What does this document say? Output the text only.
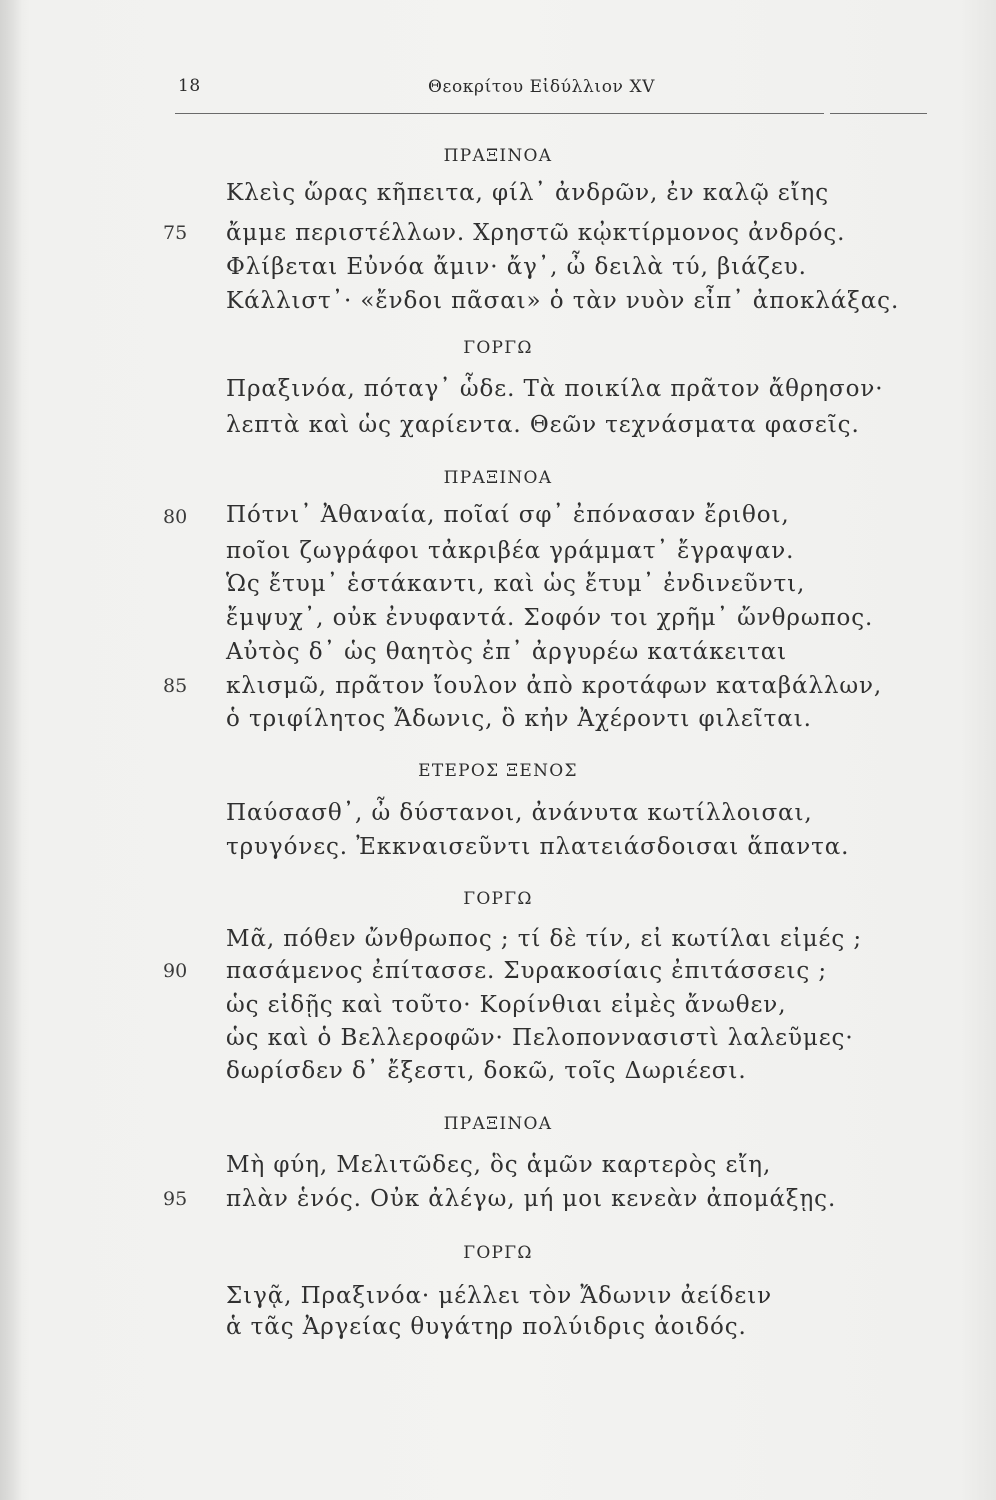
18	Θεοκρίτου Εἰδύλλιον XV
ΠΡΑΞΙΝΟΑ
ΓΟΡΓΩ
ΠΡΑΞΙΝΟΑ
ΕΤΕΡΟΣ ΞΕΝΟΣ
ΓΟΡΓΩ
ΠΡΑΞΙΝΟΑ
ΓΟΡΓΩ
Κλεὶς ὥρας κῆπειτα, φίλ᾽ ἀνδρῶν, ἐν καλῷ εἴης
ἄμμε περιστέλλων. Χρηστῶ κᾠκτίρμονος ἀνδρός.
Φλίβεται Εὐνόα ἄμιν· ἄγ᾽, ὦ δειλὰ τύ, βιάζευ.
Κάλλιστ᾽· «ἔνδοι πᾶσαι» ὁ τὰν νυὸν εἶπ᾽ ἀποκλάξας.
Πραξινόα, πόταγ᾽ ὧδε. Τὰ ποικίλα πρᾶτον ἄθρησον·
λεπτὰ καὶ ὡς χαρίεντα. Θεῶν τεχνάσματα φασεῖς.
Πότνι᾽ Ἀθαναία, ποῖαί σφ᾽ ἐπόνασαν ἔριθοι,
ποῖοι ζωγράφοι τἀκριβέα γράμματ᾽ ἔγραψαν.
Ὡς ἔτυμ᾽ ἑστάκαντι, καὶ ὡς ἔτυμ᾽ ἐνδινεῦντι,
ἔμψυχ᾽, οὐκ ἐνυφαντά. Σοφόν τοι χρῆμ᾽ ὤνθρωπος.
Αὐτὸς δ᾽ ὡς θαητὸς ἐπ᾽ ἀργυρέω κατάκειται
κλισμῶ, πρᾶτον ἴουλον ἀπὸ κροτάφων καταβάλλων,
ὁ τριφίλητος Ἄδωνις, ὃ κἠν Ἀχέροντι φιλεῖται.
Παύσασθ᾽, ὦ δύστανοι, ἀνάνυτα κωτίλλοισαι,
τρυγόνες. Ἐκκναισεῦντι πλατειάσδοισαι ἅπαντα.
Μᾶ, πόθεν ὤνθρωπος ; τί δὲ τίν, εἰ κωτίλαι εἰμές ;
πασάμενος ἐπίτασσε. Συρακοσίαις ἐπιτάσσεις ;
ὡς εἰδῇς καὶ τοῦτο· Κορίνθιαι εἰμὲς ἄνωθεν,
ὡς καὶ ὁ Βελλεροφῶν· Πελοποννασιστὶ λαλεῦμες·
δωρίσδεν δ᾽ ἔξεστι, δοκῶ, τοῖς Δωριέεσι.
Μὴ φύη, Μελιτῶδες, ὃς ἁμῶν καρτερὸς εἴη,
πλὰν ἑνός. Οὐκ ἀλέγω, μή μοι κενεὰν ἀπομάξῃς.
Σιγᾷ, Πραξινόα· μέλλει τὸν Ἄδωνιν ἀείδειν
ἁ τᾶς Ἀργείας θυγάτηρ πολύιδρις ἀοιδός.
75
80
85
90
95
